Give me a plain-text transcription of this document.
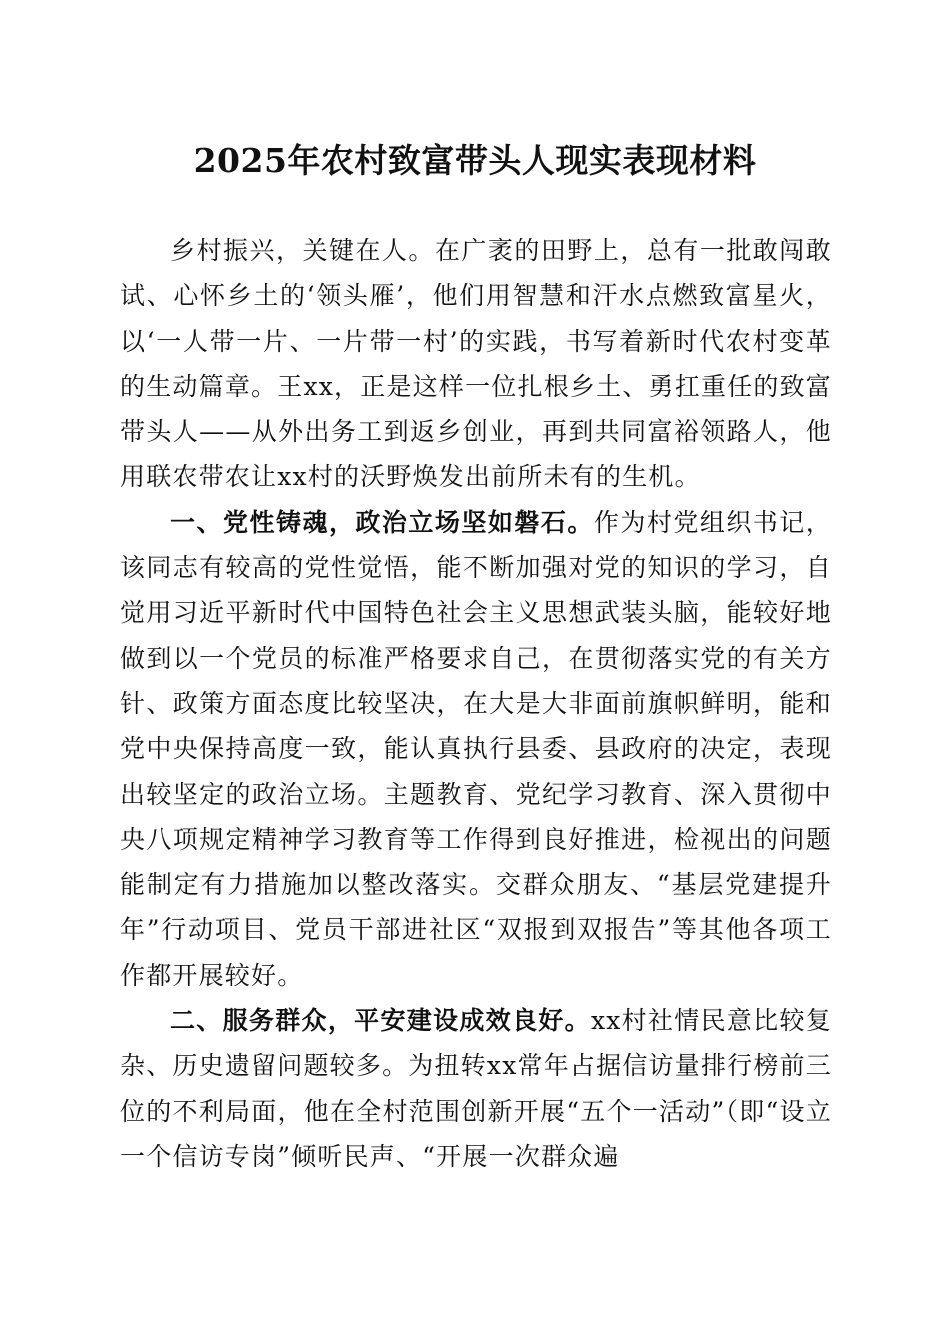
2025年农村致富带头人现实表现材料

乡村振兴，关键在人。在广袤的田野上，总有一批敢闯敢试、心怀乡土的‘领头雁’，他们用智慧和汗水点燃致富星火，以‘一人带一片、一片带一村’的实践，书写着新时代农村变革的生动篇章。王xx，正是这样一位扎根乡土、勇扛重任的致富带头人——从外出务工到返乡创业，再到共同富裕领路人，他用联农带农让xx村的沃野焕发出前所未有的生机。

一、党性铸魂，政治立场坚如磐石。作为村党组织书记，该同志有较高的党性觉悟，能不断加强对党的知识的学习，自觉用习近平新时代中国特色社会主义思想武装头脑，能较好地做到以一个党员的标准严格要求自己，在贯彻落实党的有关方针、政策方面态度比较坚决，在大是大非面前旗帜鲜明，能和党中央保持高度一致，能认真执行县委、县政府的决定，表现出较坚定的政治立场。主题教育、党纪学习教育、深入贯彻中央八项规定精神学习教育等工作得到良好推进，检视出的问题能制定有力措施加以整改落实。交群众朋友、“基层党建提升年”行动项目、党员干部进社区“双报到双报告”等其他各项工作都开展较好。

二、服务群众，平安建设成效良好。xx村社情民意比较复杂、历史遗留问题较多。为扭转xx常年占据信访量排行榜前三位的不利局面，他在全村范围创新开展“五个一活动”（即“设立一个信访专岗”倾听民声、“开展一次群众遍
